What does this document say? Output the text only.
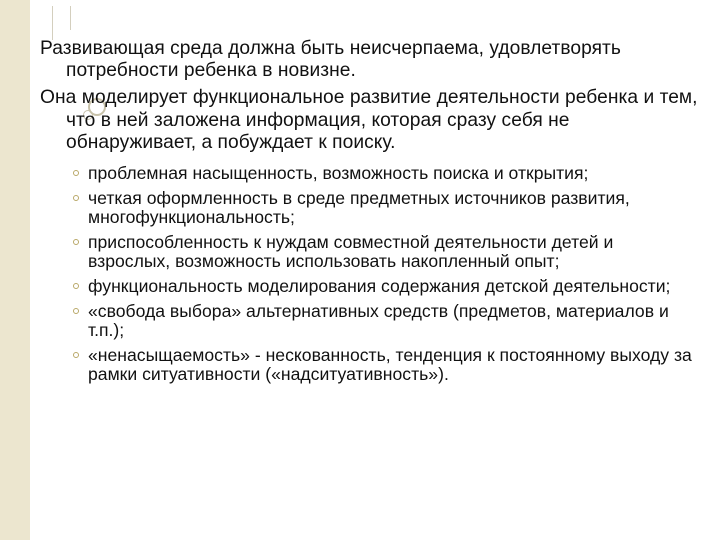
Развивающая среда должна быть неисчерпаема, удовлетворять потребности ребенка в новизне.

Она моделирует функциональное развитие деятельности ребенка и тем, что в ней заложена информация, которая сразу себя не обнаруживает, а побуждает к поиску.

проблемная насыщенность, возможность поиска и открытия;
четкая оформленность в среде предметных источников развития, многофункциональность;
приспособленность к нуждам совместной деятельности детей и взрослых, возможность использовать накопленный опыт;
функциональность моделирования содержания детской деятельности;
«свобода выбора» альтернативных средств (предметов, материалов и т.п.);
«ненасыщаемость» - нескованность, тенденция к постоянному выходу за рамки ситуативности («надситуативность»).
